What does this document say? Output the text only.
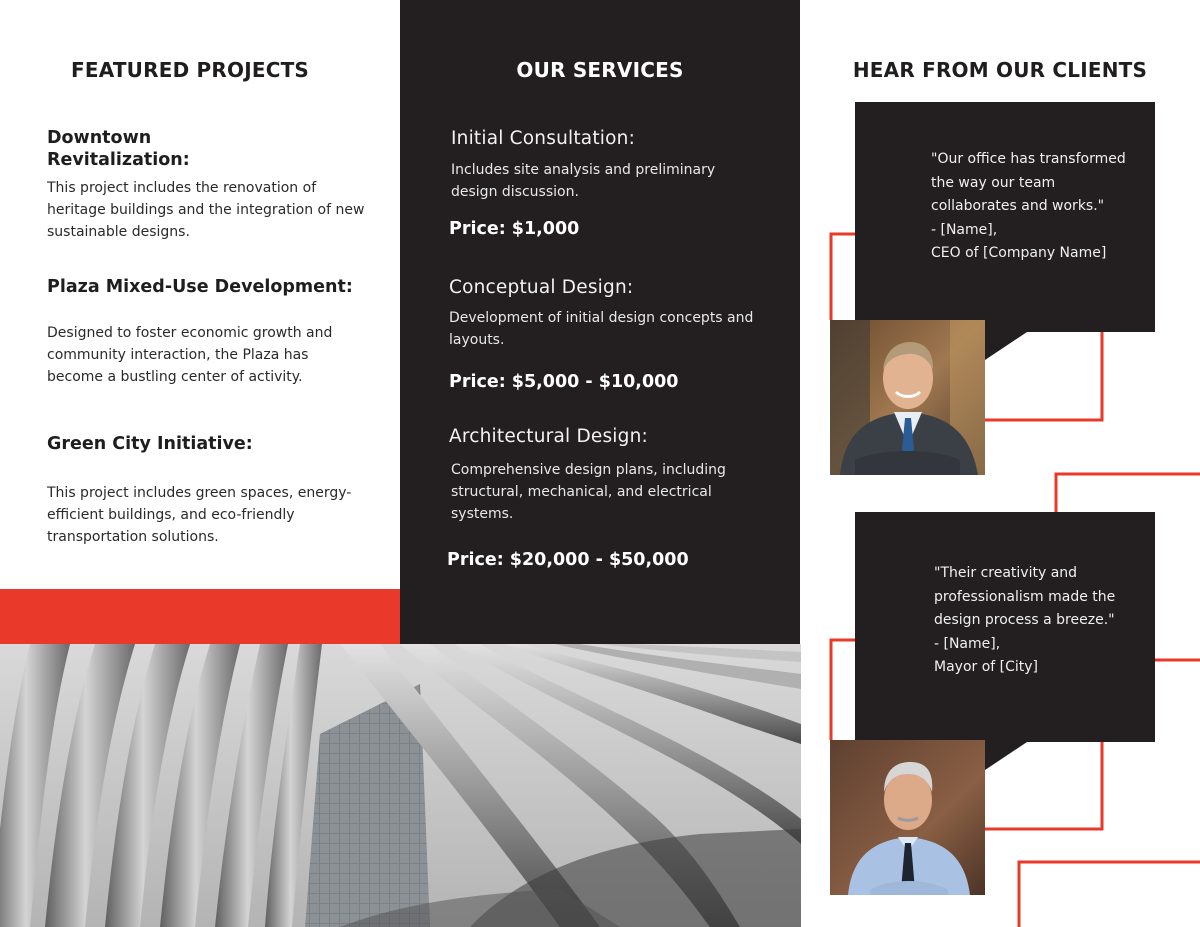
FEATURED PROJECTS

Downtown
Revitalization:

This project includes the renovation of heritage buildings and the integration of new sustainable designs.

Plaza Mixed-Use Development:

Designed to foster economic growth and community interaction, the Plaza has become a bustling center of activity.

Green City Initiative:

This project includes green spaces, energy-efficient buildings, and eco-friendly transportation solutions.

OUR SERVICES

Initial Consultation:

Includes site analysis and preliminary design discussion.

Price: $1,000

Conceptual Design:

Development of initial design concepts and layouts.

Price: $5,000 - $10,000

Architectural Design:

Comprehensive design plans, including structural, mechanical, and electrical systems.

Price: $20,000 - $50,000

HEAR FROM OUR CLIENTS

"Our office has transformed the way our team collaborates and works."
- [Name],
CEO of [Company Name]

"Their creativity and professionalism made the design process a breeze."
- [Name],
Mayor of [City]
